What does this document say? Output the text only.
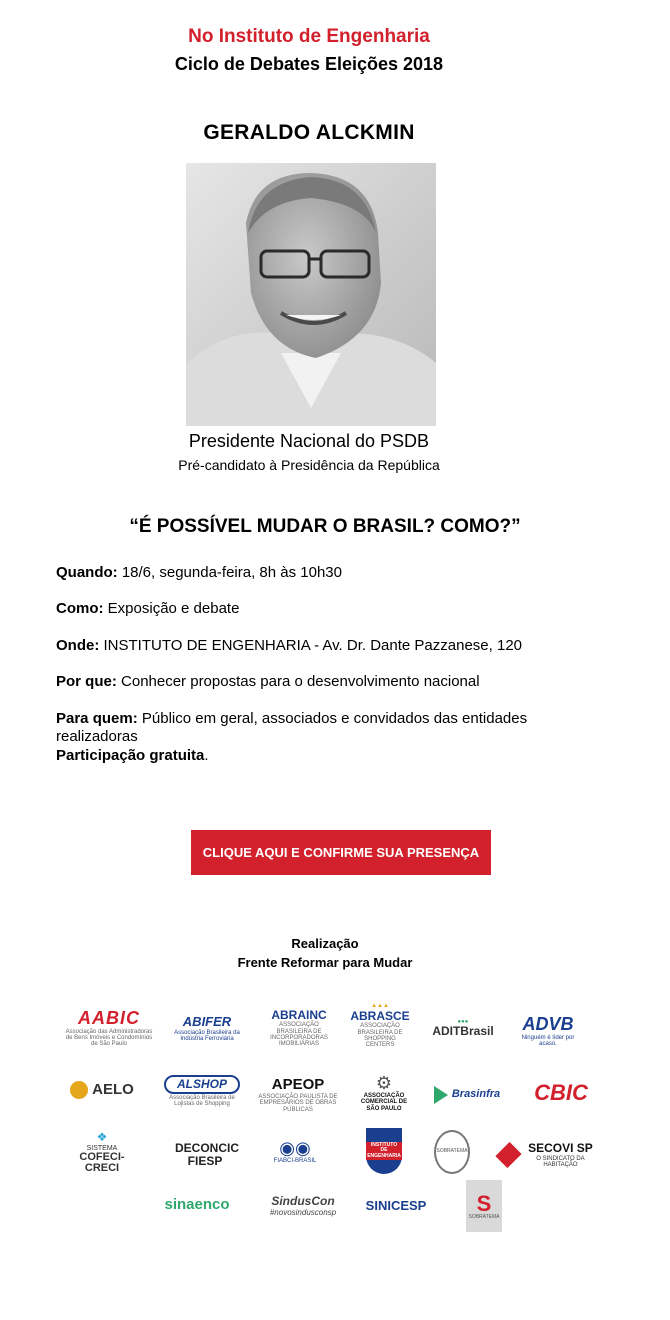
No Instituto de Engenharia
Ciclo de Debates Eleições 2018
GERALDO ALCKMIN
Presidente Nacional do PSDB
Pré-candidato à Presidência da República
“É POSSÍVEL MUDAR O BRASIL? COMO?”
Quando: 18/6, segunda-feira, 8h às 10h30
Como: Exposição e debate
Onde: INSTITUTO DE ENGENHARIA - Av. Dr. Dante Pazzanese, 120
Por que: Conhecer propostas para o desenvolvimento nacional
Para quem: Público em geral, associados e convidados das entidades realizadoras
Participação gratuita.
CLIQUE AQUI E CONFIRME SUA PRESENÇA
Realização
Frente Reformar para Mudar
AABIC
Associação das Administradoras de Bens Imóveis e Condomínios de São Paulo
ABIFER
Associação Brasileira da Indústria Ferroviária
ABRAINC
ASSOCIAÇÃO BRASILEIRA DE INCORPORADORAS IMOBILIÁRIAS
▲▲▲
ABRASCE
ASSOCIAÇÃO BRASILEIRA DE SHOPPING CENTERS
●●●
ADITBrasil	ADVB
Ninguém é líder por acaso.
AELO	ALSHOP
Associação Brasileira de Lojistas de Shopping
APEOP
ASSOCIAÇÃO PAULISTA DE EMPRESÁRIOS DE OBRAS PÚBLICAS
⚙
ASSOCIAÇÃO COMERCIAL DE SÃO PAULO
Brasinfra CBIC
❖
SISTEMA
COFECI-CRECI
DECONCIC FIESP
◉◉
FIABCI-BRASIL
INSTITUTO DE ENGENHARIA
SOBRATEMA	SECOVI SP
O SINDICATO DA HABITAÇÃO
sinaenco	SindusCon
#novosindusconsp SINICESP	S
SOBRATEMA
